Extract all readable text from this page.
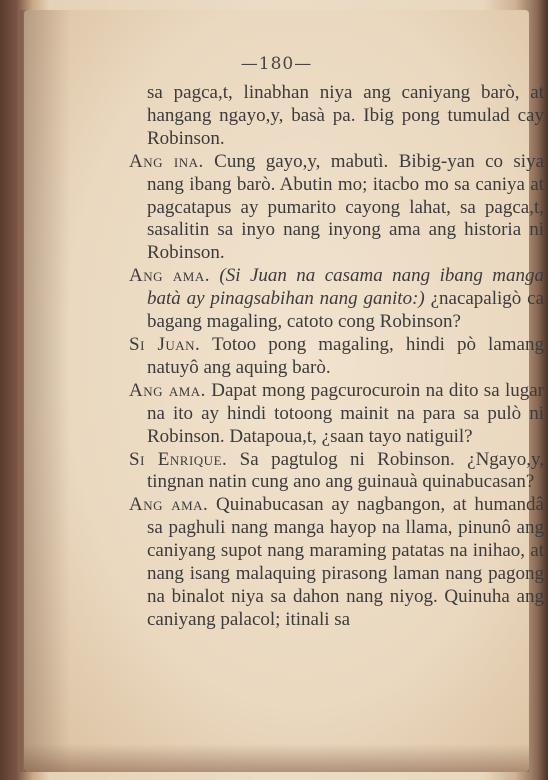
—180—

sa pagca,t, linabhan niya ang caniyang barò, at hangang ngayo,y, basà pa. Ibig pong tumulad cay Robinson.

Ang ina. Cung gayo,y, mabutì. Bibig-yan co siya nang ibang barò. Abutin mo; itacbo mo sa caniya at pagcatapus ay pumarito cayong lahat, sa pagca,t, sasalitin sa inyo nang inyong ama ang historia ni Robinson.

Ang ama. (Si Juan na casama nang ibang manga batà ay pinagsabihan nang ganito:) ¿nacapaligò ca bagang magaling, catoto cong Robinson?

Si Juan. Totoo pong magaling, hindi pò lamang natuyô ang aquing barò.

Ang ama. Dapat mong pagcurocuroin na dito sa lugar na ito ay hindi totoong mainit na para sa pulò ni Robinson. Datapoua,t, ¿saan tayo natiguil?

Si Enrique. Sa pagtulog ni Robinson. ¿Ngayo,y, tingnan natin cung ano ang guinauà quinabucasan?

Ang ama. Quinabucasan ay nagbangon, at humandâ sa paghuli nang manga hayop na llama, pinunô ang caniyang supot nang maraming patatas na inihao, at nang isang malaquing pirasong laman nang pagong na binalot niya sa dahon nang niyog. Quinuha ang caniyang palacol; itinali sa
